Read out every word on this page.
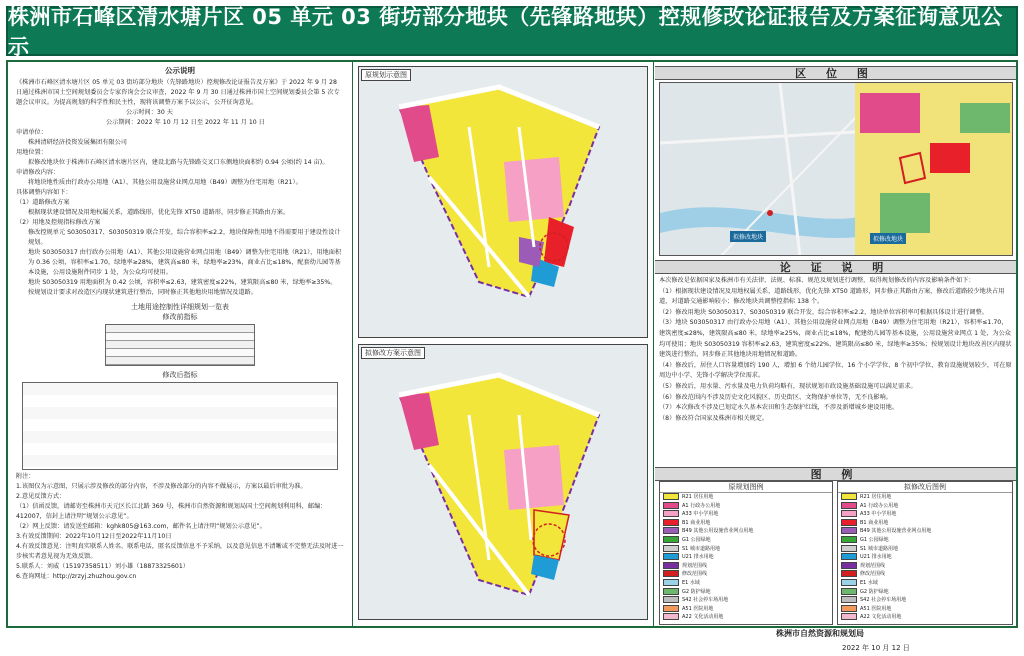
株洲市石峰区清水塘片区 05 单元 03 街坊部分地块（先锋路地块）控规修改论证报告及方案征询意见公示
公示说明

《株洲市石峰区清水塘片区 05 单元 03 街坊部分地块（先锋路地块）控规修改论证报告及方案》于 2022 年 9 月 28 日通过株洲市国土空间规划委员会专家咨询会会议审查，2022 年 9 月 30 日通过株洲市国土空间规划委员会第 5 次专题会议审议。为提高规划的科学性和民主性，现将该调整方案予以公示，公开征询意见。

公示时间：30 天

公示期间：2022 年 10 月 12 日至 2022 年 11 月 10 日

申请单位：

株洲清研经济投资发展集团有限公司

用地位置：

拟修改地块位于株洲市石峰区清水塘片区内，建设北路与先锋路交叉口东侧地块面积约 0.94 公顷(约 14 亩)。

申请修改内容：

将地块地性质由行政办公用地（A1）、其他公用设施营业网点用地（B49）调整为住宅用地（R21）。

具体调整内容如下：

（1）道路修改方案

根据现状建设情况及用地权属关系，道路线形，优化先锋 XT50 道路形，同步修正其路由方案。

（2）用地及控规指标修改方案

修改控规单元 S03050317、S03050319 联合开发，综合容积率≤2.2，地块保障性用地不得需要用于建设性设计规划。

地块 S03050317 由行政办公用地（A1）、其他公用设施营业网点用地（B49）调整为住宅用地（R21），用地面积为 0.36 公顷，容积率≤1.70，绿地率≥28%，建筑高≤80 米，绿地率≥23%，商业占比≤18%，配套幼儿园等基本设施，公用设施附件同步 1 处，为公众均可使用。

地块 S03050319 用地面积为 0.42 公顷，容积率≤2.63，建筑密度≤22%，建筑限高≤80 米，绿地率≥35%。

按规划设计要求对改造区内现状建筑进行整治，同时修正其他地块用地情况及道路。

土地用途控制性详细规划一览表
修改前指标
修改后指标

附注：

1.该图仅为示意图，只展示涉及修改的部分内容，不涉及修改部分的内容不做展示，方案以最后审批为准。

2.意见反馈方式：

（1）信函反馈，请邮寄至株洲市天元区长江北路 369 号，株洲市自然资源和规划局国土空间规划利用科，邮编：412007，信封上请注明“规划公示意见”。

（2）网上反馈：请发送至邮箱：kghk805@163.com，邮件名上请注明“规划公示意见”。

3.有效反馈期间：2022年10月12日至2022年11月10日

4.有效反馈意见：注明真实联系人姓名、联系电话，匿名反馈信息不予采纳，以及意见信息不清晰或不完整无法及时进一步核实者意见视为无效反馈。

5.联系人：刘威（15197358511）刘小雄（18873325601）

6.查询网址：http://zrzyj.zhuzhou.gov.cn

原规划示意图
拟修改方案示意图
区 位 图
拟修改地块	拟修改地块
论 证 说 明

本次修改是依据国家及株洲市有关法律、法规、标准、规范及规划进行调整，取得规划修改的内容及影响条件如下：

（1）根据现状建设情况及用地权属关系，道路线形，优化先锋 XT50 道路形，同步修正其路由方案，修改后道路较少地块占用道，对道路交通影响较小；修改地块共调整控指标 138 个。

（2）修改用地块 S03050317、S03050319 联合开发，综合容积率≤2.2，地块单位容积率可根据具体设计进行调整。

（3）地块 S03050317 由行政办公用地（A1）、其他公用设施营业网点用地（B49）调整为住宅用地（R21），容积率≤1.70，建筑密度≤28%，建筑限高≤80 米，绿地率≥25%，商业占比≤18%，配建幼儿园等基本设施，公用设施营业网点 1 处，为公众均可使用；地块 S03050319 容积率≤2.63，建筑密度≤22%，建筑限高≤80 米，绿地率≥35%；按规划设计地块改善区内现状建筑进行整治，同步修正其他地块用地情况和道路。

（4）修改后，居住人口容量增加约 190 人，增加 6 个幼儿园学位、16 个小学学位、8 个初中学位，教育设施规划较少，可在原周边中小学、先锋小学解决学位需求。

（5）修改后，用水量、污水量及电力负荷均略有，现状规划市政设施基础设施可以满足需求。

（6）修改范围内不涉及历史文化风貌区、历史街区、文物保护单位等，无不良影响。

（7）本次修改不涉及已划定永久基本农田和生态保护红线，不涉及新增城乡建设用地。

（8）修改符合国家及株洲市相关规定。

图 例
原规划图例
R21 居住用地
A1 行政办公用地
A33 中小学用地
B1 商业用地
B49 其他公用设施营业网点用地
G1 公园绿地
S1 城市道路用地
U21 排水用地
规划范围线
修改范围线
E1 水域
G2 防护绿地
S42 社会停车场用地
A51 医院用地
A22 文化活动用地
拟修改后图例
R21 居住用地
A1 行政办公用地
A33 中小学用地
B1 商业用地
B49 其他公用设施营业网点用地
G1 公园绿地
S1 城市道路用地
U21 排水用地
规划范围线
修改范围线
E1 水域
G2 防护绿地
S42 社会停车场用地
A51 医院用地
A22 文化活动用地
株洲市自然资源和规划局
2022 年 10 月 12 日
